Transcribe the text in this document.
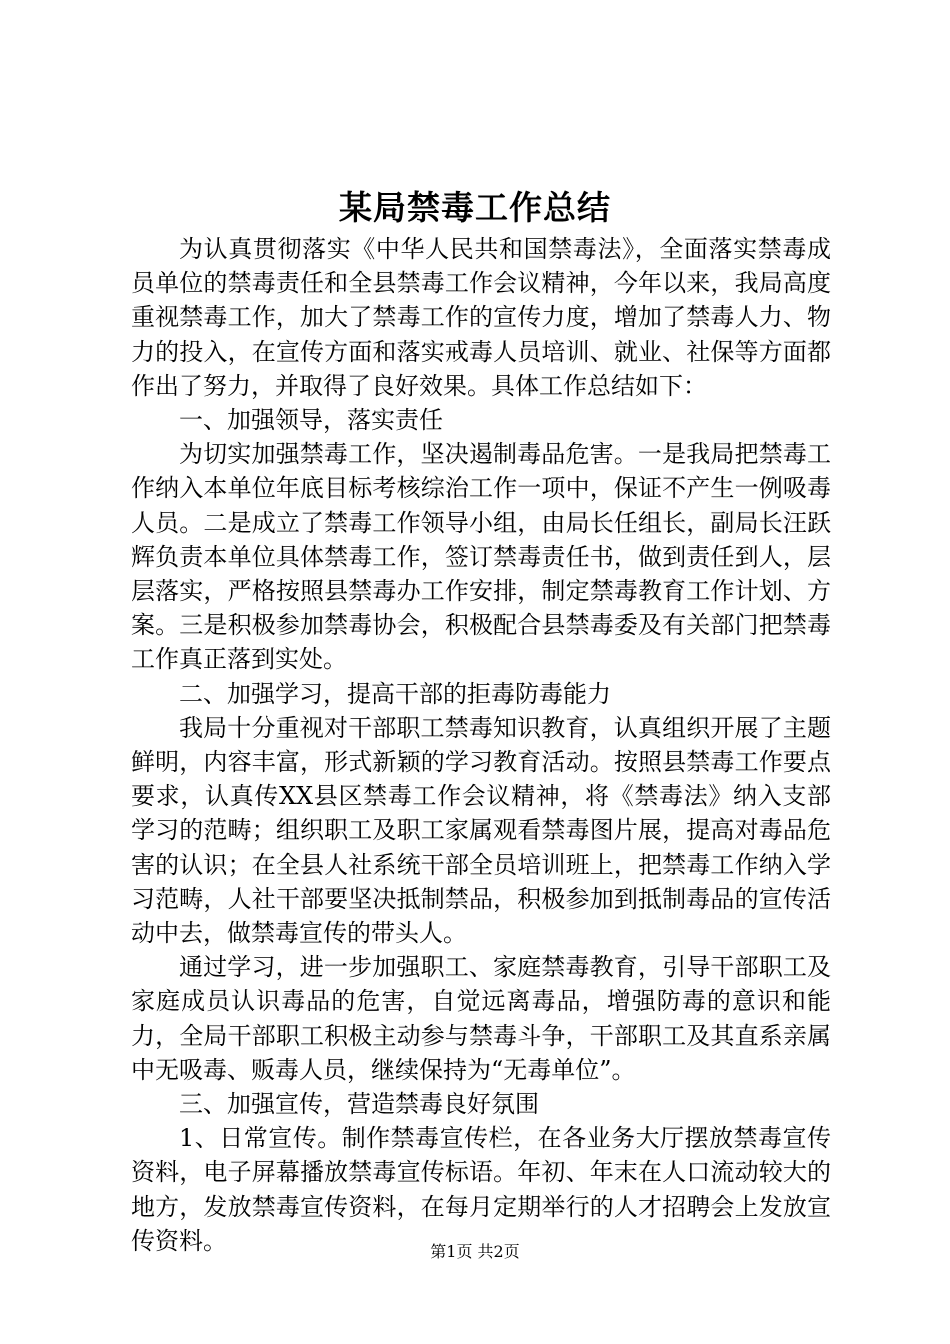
某局禁毒工作总结

为认真贯彻落实《中华人民共和国禁毒法》，全面落实禁毒成员单位的禁毒责任和全县禁毒工作会议精神，今年以来，我局高度重视禁毒工作，加大了禁毒工作的宣传力度，增加了禁毒人力、物力的投入，在宣传方面和落实戒毒人员培训、就业、社保等方面都作出了努力，并取得了良好效果。具体工作总结如下：

一、加强领导，落实责任

为切实加强禁毒工作，坚决遏制毒品危害。一是我局把禁毒工作纳入本单位年底目标考核综治工作一项中，保证不产生一例吸毒人员。二是成立了禁毒工作领导小组，由局长任组长，副局长汪跃辉负责本单位具体禁毒工作，签订禁毒责任书，做到责任到人，层层落实，严格按照县禁毒办工作安排，制定禁毒教育工作计划、方案。三是积极参加禁毒协会，积极配合县禁毒委及有关部门把禁毒工作真正落到实处。

二、加强学习，提高干部的拒毒防毒能力

我局十分重视对干部职工禁毒知识教育，认真组织开展了主题鲜明，内容丰富，形式新颖的学习教育活动。按照县禁毒工作要点要求，认真传XX县区禁毒工作会议精神，将《禁毒法》纳入支部学习的范畴；组织职工及职工家属观看禁毒图片展，提高对毒品危害的认识；在全县人社系统干部全员培训班上，把禁毒工作纳入学习范畴，人社干部要坚决抵制禁品，积极参加到抵制毒品的宣传活动中去，做禁毒宣传的带头人。

通过学习，进一步加强职工、家庭禁毒教育，引导干部职工及家庭成员认识毒品的危害，自觉远离毒品，增强防毒的意识和能力，全局干部职工积极主动参与禁毒斗争，干部职工及其直系亲属中无吸毒、贩毒人员，继续保持为“无毒单位”。

三、加强宣传，营造禁毒良好氛围

1、日常宣传。制作禁毒宣传栏，在各业务大厅摆放禁毒宣传资料，电子屏幕播放禁毒宣传标语。年初、年末在人口流动较大的地方，发放禁毒宣传资料，在每月定期举行的人才招聘会上发放宣传资料。	第1页 共2页
